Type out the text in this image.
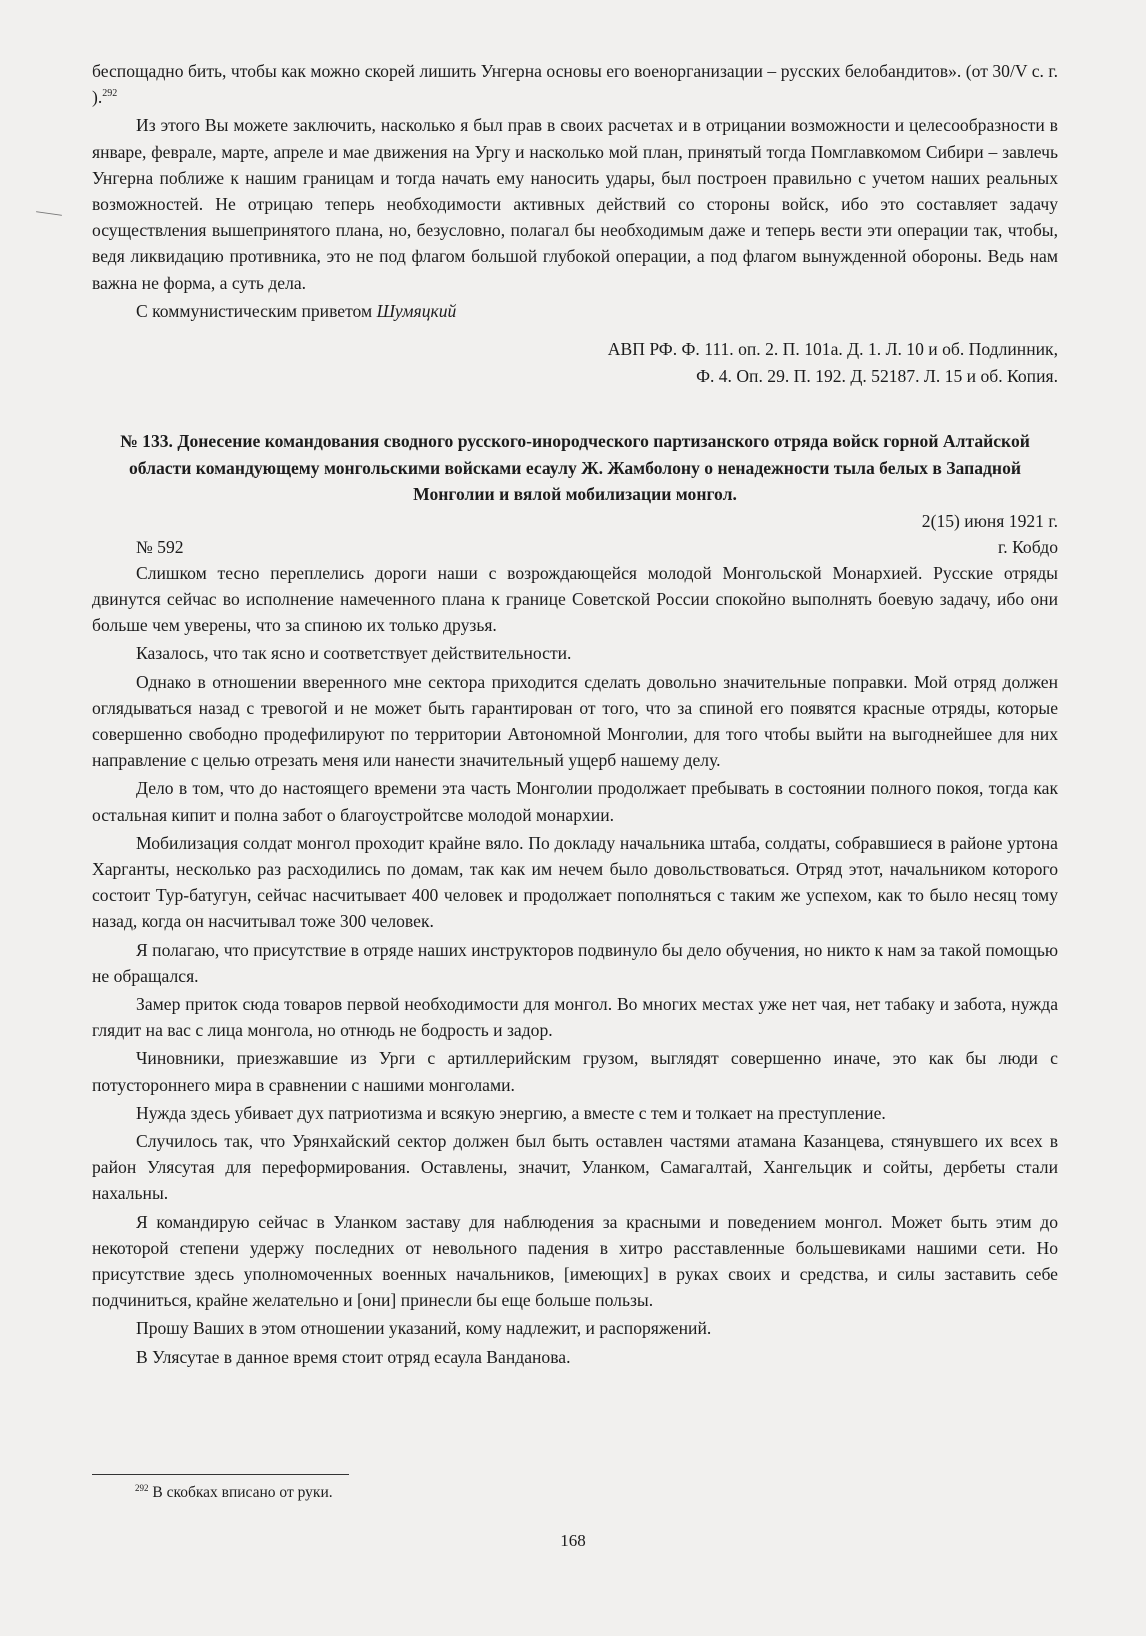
беспощадно бить, чтобы как можно скорей лишить Унгерна основы его военорганизации – русских белобандитов». (от 30/V с. г. ).$^{292}$

Из этого Вы можете заключить, насколько я был прав в своих расчетах и в отрицании возможности и целесообразности в январе, феврале, марте, апреле и мае движения на Ургу и насколько мой план, принятый тогда Помглавкомом Сибири – завлечь Унгерна поближе к нашим границам и тогда начать ему наносить удары, был построен правильно с учетом наших реальных возможностей. Не отрицаю теперь необходимости активных действий со стороны войск, ибо это составляет задачу осуществления вышепринятого плана, но, безусловно, полагал бы необходимым даже и теперь вести эти операции так, чтобы, ведя ликвидацию противника, это не под флагом большой глубокой операции, а под флагом вынужденной обороны. Ведь нам важна не форма, а суть дела.

С коммунистическим приветом Шумяцкий

АВП РФ. Ф. 111. оп. 2. П. 101а. Д. 1. Л. 10 и об. Подлинник,
Ф. 4. Оп. 29. П. 192. Д. 52187. Л. 15 и об. Копия.
№ 133. Донесение командования сводного русского-инородческого партизанского отряда войск горной Алтайской области командующему монгольскими войсками есаулу Ж. Жамболону о ненадежности тыла белых в Западной Монголии и вялой мобилизации монгол.
2(15) июня 1921 г.
г. Кобдо
№ 592

Слишком тесно переплелись дороги наши с возрождающейся молодой Монгольской Монархией. Русские отряды двинутся сейчас во исполнение намеченного плана к границе Советской России спокойно выполнять боевую задачу, ибо они больше чем уверены, что за спиною их только друзья.

Казалось, что так ясно и соответствует действительности.

Однако в отношении вверенного мне сектора приходится сделать довольно значительные поправки. Мой отряд должен оглядываться назад с тревогой и не может быть гарантирован от того, что за спиной его появятся красные отряды, которые совершенно свободно продефилируют по территории Автономной Монголии, для того чтобы выйти на выгоднейшее для них направление с целью отрезать меня или нанести значительный ущерб нашему делу.

Дело в том, что до настоящего времени эта часть Монголии продолжает пребывать в состоянии полного покоя, тогда как остальная кипит и полна забот о благоустройтсве молодой монархии.

Мобилизация солдат монгол проходит крайне вяло. По докладу начальника штаба, солдаты, собравшиеся в районе уртона Харганты, несколько раз расходились по домам, так как им нечем было довольствоваться. Отряд этот, начальником которого состоит Тур-батугун, сейчас насчитывает 400 человек и продолжает пополняться с таким же успехом, как то было несяц тому назад, когда он насчитывал тоже 300 человек.

Я полагаю, что присутствие в отряде наших инструкторов подвинуло бы дело обучения, но никто к нам за такой помощью не обращался.

Замер приток сюда товаров первой необходимости для монгол. Во многих местах уже нет чая, нет табаку и забота, нужда глядит на вас с лица монгола, но отнюдь не бодрость и задор.

Чиновники, приезжавшие из Урги с артиллерийским грузом, выглядят совершенно иначе, это как бы люди с потустороннего мира в сравнении с нашими монголами.

Нужда здесь убивает дух патриотизма и всякую энергию, а вместе с тем и толкает на преступление.

Случилось так, что Урянхайский сектор должен был быть оставлен частями атамана Казанцева, стянувшего их всех в район Улясутая для переформирования. Оставлены, значит, Уланком, Самагалтай, Хангельцик и сойты, дербеты стали нахальны.

Я командирую сейчас в Уланком заставу для наблюдения за красными и поведением монгол. Может быть этим до некоторой степени удержу последних от невольного падения в хитро расставленные большевиками нашими сети. Но присутствие здесь уполномоченных военных начальников, [имеющих] в руках своих и средства, и силы заставить себе подчиниться, крайне желательно и [они] принесли бы еще больше пользы.

Прошу Ваших в этом отношении указаний, кому надлежит, и распоряжений.

В Улясутае в данное время стоит отряд есаула Ванданова.

$^{292}$ В скобках вписано от руки.
168
